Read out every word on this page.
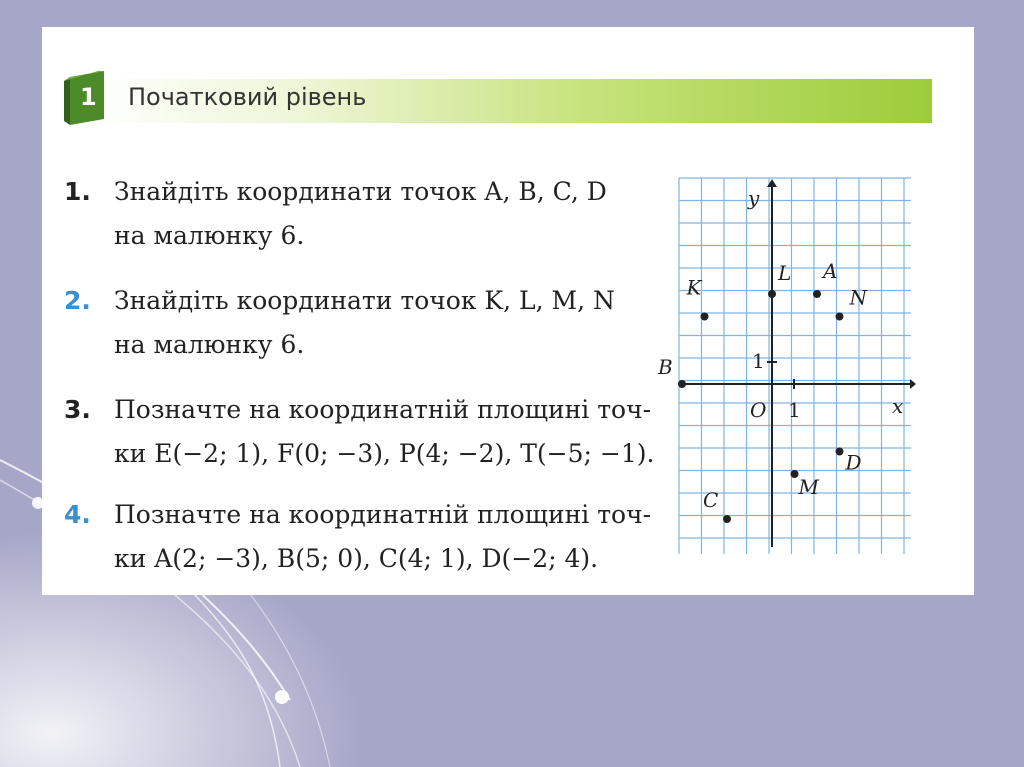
1 Початковий рівень
1. Знайдіть координати точок A, B, C, D
на малюнку 6.
2. Знайдіть координати точок K, L, M, N
на малюнку 6.
3. Позначте на координатній площині точ-
ки E(−2; 1), F(0; −3), P(4; −2), T(−5; −1).
4. Позначте на координатній площині точ-
ки A(2; −3), B(5; 0), C(4; 1), D(−2; 4).
x
y
O 1
1
A
B
C
D
K
L
M
N
